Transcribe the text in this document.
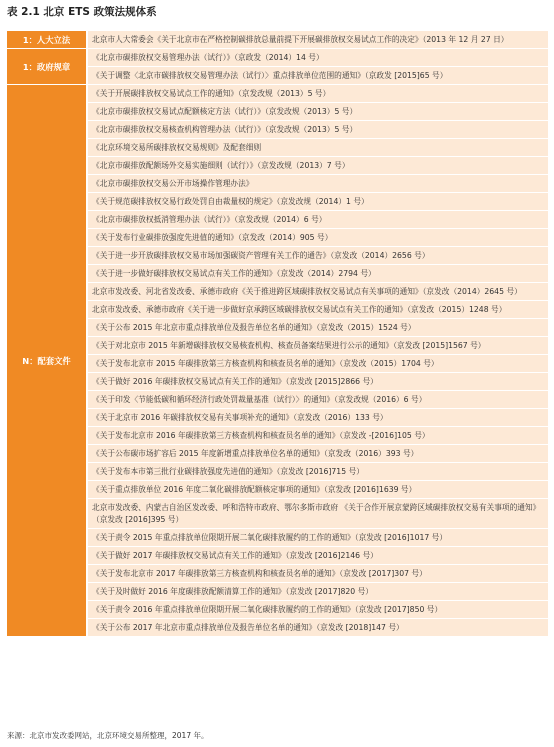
表 2.1 北京 ETS 政策法规体系
1：人大立法	北京市人大常委会《关于北京市在严格控制碳排放总量前提下开展碳排放权交易试点工作的决定》（2013 年 12 月 27 日）
1：政府规章	《北京市碳排放权交易管理办法（试行）》（京政发（2014）14 号）
	《关于调整〈北京市碳排放权交易管理办法（试行）〉重点排放单位范围的通知》（京政发 [2015]65 号）
N：配套文件	《关于开展碳排放权交易试点工作的通知》（京发改规（2013）5 号）
	《北京市碳排放权交易试点配额核定方法（试行）》（京发改规（2013）5 号）
	《北京市碳排放权交易核查机构管理办法（试行）》（京发改规（2013）5 号）
	《北京环境交易所碳排放权交易规则》及配套细则
	《北京市碳排放配额场外交易实施细则（试行）》（京发改规（2013）7 号）
	《北京市碳排放权交易公开市场操作管理办法》
	《关于规范碳排放权交易行政处罚自由裁量权的规定》（京发改规（2014）1 号）
	《北京市碳排放权抵消管理办法（试行）》（京发改规（2014）6 号）
	《关于发布行业碳排放强度先进值的通知》（京发改（2014）905 号）
	《关于进一步开放碳排放权交易市场加强碳资产管理有关工作的通告》（京发改（2014）2656 号）
	《关于进一步做好碳排放权交易试点有关工作的通知》（京发改（2014）2794 号）
	北京市发改委、河北省发改委、承德市政府《关于推进跨区域碳排放权交易试点有关事项的通知》（京发改（2014）2645 号）
	北京市发改委、承德市政府《关于进一步做好京承跨区域碳排放权交易试点有关工作的通知》（京发改（2015）1248 号）
	《关于公布 2015 年北京市重点排放单位及报告单位名单的通知》（京发改（2015）1524 号）
	《关于对北京市 2015 年新增碳排放权交易核查机构、核查员备案结果进行公示的通知》（京发改 [2015]1567 号）
	《关于发布北京市 2015 年碳排放第三方核查机构和核查员名单的通知》（京发改（2015）1704 号）
	《关于做好 2016 年碳排放权交易试点有关工作的通知》（京发改 [2015]2866 号）
	《关于印发〈节能低碳和循环经济行政处罚裁量基准（试行）〉的通知》（京发改规（2016）6 号）
	《关于北京市 2016 年碳排放权交易有关事项补充的通知》（京发改（2016）133 号）
	《关于发布北京市 2016 年碳排放第三方核查机构和核查员名单的通知》（京发改 -[2016]105 号）
	《关于公布碳市场扩容后 2015 年度新增重点排放单位名单的通知》（京发改（2016）393 号）
	《关于发布本市第三批行业碳排放强度先进值的通知》（京发改 [2016]715 号）
	《关于重点排放单位 2016 年度二氧化碳排放配额核定事项的通知》（京发改 [2016]1639 号）
	北京市发改委、内蒙古自治区发改委、呼和浩特市政府、鄂尔多斯市政府 《关于合作开展京蒙跨区域碳排放权交易有关事项的通知》（京发改 [2016]395 号）
	《关于责令 2015 年重点排放单位限期开展二氧化碳排放履约的工作的通知》（京发改 [2016]1017 号）
	《关于做好 2017 年碳排放权交易试点有关工作的通知》（京发改 [2016]2146 号）
	《关于发布北京市 2017 年碳排放第三方核查机构和核查员名单的通知》（京发改 [2017]307 号）
	《关于及时做好 2016 年度碳排放配额清算工作的通知》（京发改 [2017]820 号）
	《关于责令 2016 年重点排放单位限期开展二氧化碳排放履约的工作的通知》（京发改 [2017]850 号）
	《关于公布 2017 年北京市重点排放单位及报告单位名单的通知》（京发改 [2018]147 号）
来源：北京市发改委网站，北京环境交易所整理，2017 年。
